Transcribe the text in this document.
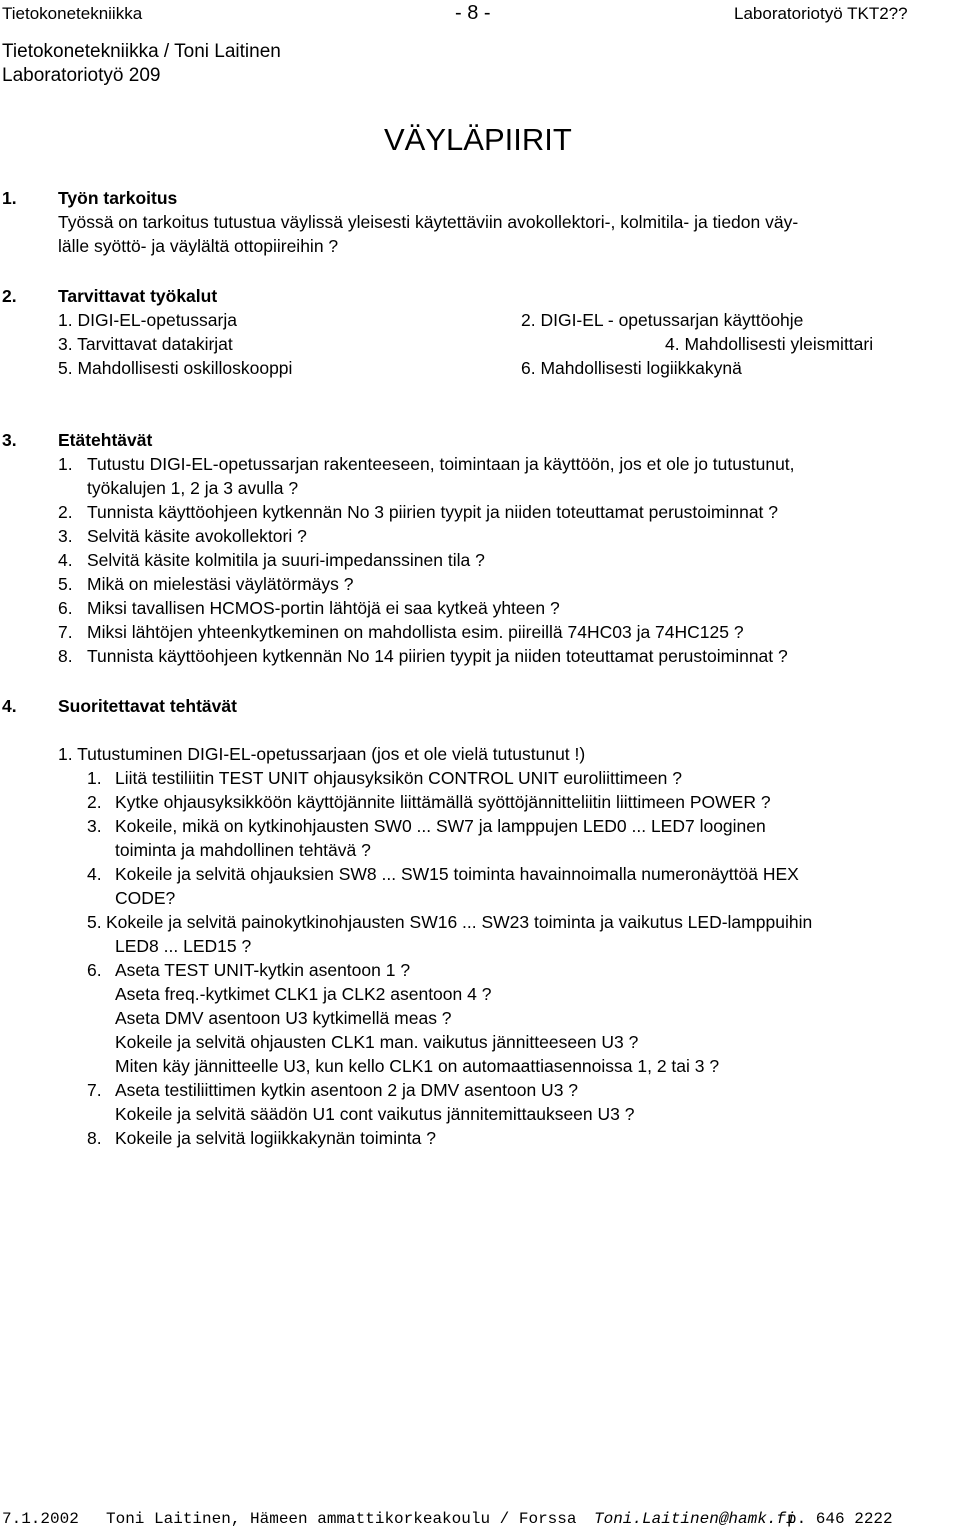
Tietokonetekniikka	- 8 -	Laboratoriotyö TKT2??
Tietokonetekniikka / Toni Laitinen
Laboratoriotyö 209
VÄYLÄPIIRIT
1. Työn tarkoitus
Työssä on tarkoitus tutustua väylissä yleisesti käytettäviin avokollektori-, kolmitila- ja tiedon väy-
lälle syöttö- ja väylältä ottopiireihin ?
2. Tarvittavat työkalut
1. DIGI-EL-opetussarja	2. DIGI-EL - opetussarjan käyttöohje
3. Tarvittavat datakirjat	4. Mahdollisesti yleismittari
5. Mahdollisesti oskilloskooppi	6. Mahdollisesti logiikkakynä
3. Etätehtävät
1. Tutustu DIGI-EL-opetussarjan rakenteeseen, toimintaan ja käyttöön, jos et ole jo tutustunut,
työkalujen 1, 2 ja 3 avulla ?
2. Tunnista käyttöohjeen kytkennän No 3 piirien tyypit ja niiden toteuttamat perustoiminnat ?
3. Selvitä käsite avokollektori ?
4. Selvitä käsite kolmitila ja suuri-impedanssinen tila ?
5. Mikä on mielestäsi väylätörmäys ?
6. Miksi tavallisen HCMOS-portin lähtöjä ei saa kytkeä yhteen ?
7. Miksi lähtöjen yhteenkytkeminen on mahdollista esim. piireillä 74HC03 ja 74HC125 ?
8. Tunnista käyttöohjeen kytkennän No 14 piirien tyypit ja niiden toteuttamat perustoiminnat ?
4. Suoritettavat tehtävät
1. Tutustuminen DIGI-EL-opetussarjaan (jos et ole vielä tutustunut !)
1. Liitä testiliitin TEST UNIT ohjausyksikön CONTROL UNIT euroliittimeen ?
2. Kytke ohjausyksikköön käyttöjännite liittämällä syöttöjännitteliitin liittimeen POWER ?
3. Kokeile, mikä on kytkinohjausten SW0 ... SW7 ja lamppujen LED0 ... LED7 looginen
toiminta ja mahdollinen tehtävä ?
4. Kokeile ja selvitä ohjauksien SW8 ... SW15 toiminta havainnoimalla numeronäyttöä HEX
CODE?
5. Kokeile ja selvitä painokytkinohjausten SW16 ... SW23 toiminta ja vaikutus LED-lamppuihin
LED8 ... LED15 ?
6. Aseta TEST UNIT-kytkin asentoon 1 ?
Aseta freq.-kytkimet CLK1 ja CLK2 asentoon 4 ?
Aseta DMV asentoon U3 kytkimellä meas ?
Kokeile ja selvitä ohjausten CLK1 man. vaikutus jännitteeseen U3 ?
Miten käy jännitteelle U3, kun kello CLK1 on automaattiasennoissa 1, 2 tai 3 ?
7. Aseta testiliittimen kytkin asentoon 2 ja DMV asentoon U3 ?
Kokeile ja selvitä säädön U1 cont vaikutus jännitemittaukseen U3 ?
8. Kokeile ja selvitä logiikkakynän toiminta ?
7.1.2002 Toni Laitinen, Hämeen ammattikorkeakoulu / Forssa Toni.Laitinen@hamk.fi
p. 646 2222
